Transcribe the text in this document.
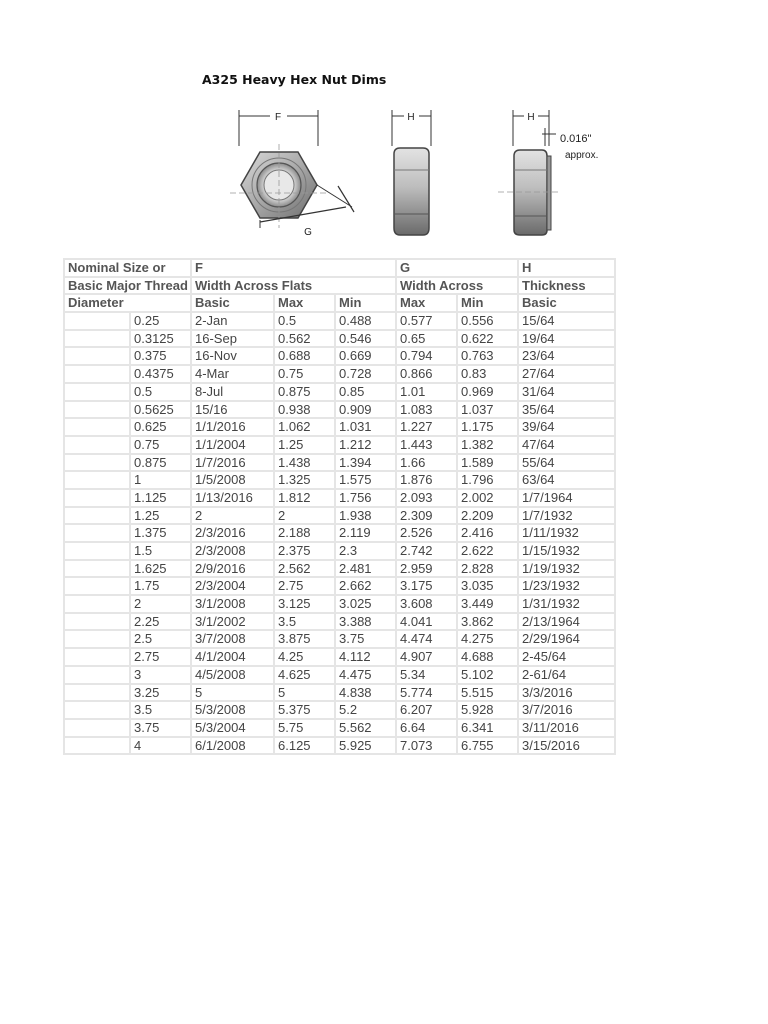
A325 Heavy Hex Nut Dims
F
G
H	H
0.016"
approx.
Nominal Size or		F			G		H
Basic Major Thread		Width Across Flats			Width Across		Thickness
Diameter		Basic	Max	Min	Max	Min	Basic
	0.25	2-Jan	0.5	0.488	0.577	0.556	15/64
	0.3125	16-Sep	0.562	0.546	0.65	0.622	19/64
	0.375	16-Nov	0.688	0.669	0.794	0.763	23/64
	0.4375	4-Mar	0.75	0.728	0.866	0.83	27/64
	0.5	8-Jul	0.875	0.85	1.01	0.969	31/64
	0.5625	15/16	0.938	0.909	1.083	1.037	35/64
	0.625	1/1/2016	1.062	1.031	1.227	1.175	39/64
	0.75	1/1/2004	1.25	1.212	1.443	1.382	47/64
	0.875	1/7/2016	1.438	1.394	1.66	1.589	55/64
	1	1/5/2008	1.325	1.575	1.876	1.796	63/64
	1.125	1/13/2016	1.812	1.756	2.093	2.002	1/7/1964
	1.25	2	2	1.938	2.309	2.209	1/7/1932
	1.375	2/3/2016	2.188	2.119	2.526	2.416	1/11/1932
	1.5	2/3/2008	2.375	2.3	2.742	2.622	1/15/1932
	1.625	2/9/2016	2.562	2.481	2.959	2.828	1/19/1932
	1.75	2/3/2004	2.75	2.662	3.175	3.035	1/23/1932
	2	3/1/2008	3.125	3.025	3.608	3.449	1/31/1932
	2.25	3/1/2002	3.5	3.388	4.041	3.862	2/13/1964
	2.5	3/7/2008	3.875	3.75	4.474	4.275	2/29/1964
	2.75	4/1/2004	4.25	4.112	4.907	4.688	2-45/64
	3	4/5/2008	4.625	4.475	5.34	5.102	2-61/64
	3.25	5	5	4.838	5.774	5.515	3/3/2016
	3.5	5/3/2008	5.375	5.2	6.207	5.928	3/7/2016
	3.75	5/3/2004	5.75	5.562	6.64	6.341	3/11/2016
	4	6/1/2008	6.125	5.925	7.073	6.755	3/15/2016
